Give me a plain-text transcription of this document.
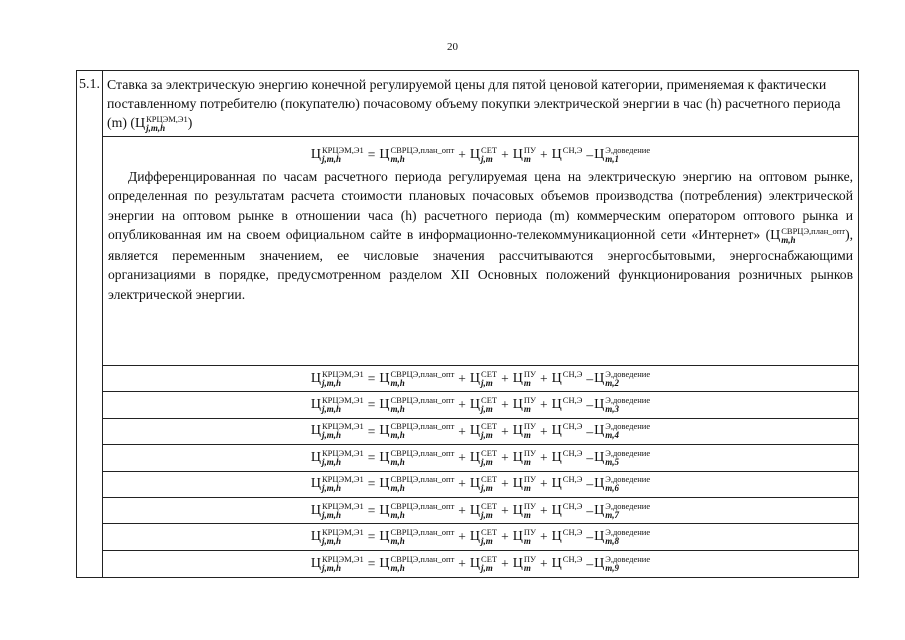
20
5.1. Ставка за электрическую энергию конечной регулируемой цены для пятой ценовой категории, применяемая к фактически поставленному потребителю (покупателю) почасовому объему покупки электрической энергии в час (h) расчетного периода (m) ( Ц КРЦЭМ,Э1
j,m,h	)
Ц КРЦЭМ,Э1
j,m,h	= Ц СВРЦЭ,план_опт
m,h	+ Ц СЕТ
j,m + Ц ПУ
m + Ц СН,Э
– Ц Э,доведение
m,1
Дифференцированная по часам расчетного периода регулируемая цена на электрическую энергию на оптовом рынке, определенная по результатам расчета стоимости плановых почасовых объемов производства (потребления) электрической энергии на оптовом рынке в отношении часа (h) расчетного периода (m) коммерческим оператором оптового рынка и опубликованная им на своем официальном сайте в информационно-телекоммуникационной сети «Интернет» ( Ц СВРЦЭ,план_опт
m,h	), является переменным значением, ее числовые значения рассчитываются энергосбытовыми, энергоснабжающими организациями в порядке, предусмотренном разделом XII Основных положений функционирования розничных рынков электрической энергии.
Ц КРЦЭМ,Э1
j,m,h	= Ц СВРЦЭ,план_опт
m,h	+ Ц СЕТ
j,m + Ц ПУ
m + Ц СН,Э
– Ц Э,доведение
m,2
Ц КРЦЭМ,Э1
j,m,h	= Ц СВРЦЭ,план_опт
m,h	+ Ц СЕТ
j,m + Ц ПУ
m + Ц СН,Э
– Ц Э,доведение
m,3
Ц КРЦЭМ,Э1
j,m,h	= Ц СВРЦЭ,план_опт
m,h	+ Ц СЕТ
j,m + Ц ПУ
m + Ц СН,Э
– Ц Э,доведение
m,4
Ц КРЦЭМ,Э1
j,m,h	= Ц СВРЦЭ,план_опт
m,h	+ Ц СЕТ
j,m + Ц ПУ
m + Ц СН,Э
– Ц Э,доведение
m,5
Ц КРЦЭМ,Э1
j,m,h	= Ц СВРЦЭ,план_опт
m,h	+ Ц СЕТ
j,m + Ц ПУ
m + Ц СН,Э
– Ц Э,доведение
m,6
Ц КРЦЭМ,Э1
j,m,h	= Ц СВРЦЭ,план_опт
m,h	+ Ц СЕТ
j,m + Ц ПУ
m + Ц СН,Э
– Ц Э,доведение
m,7
Ц КРЦЭМ,Э1
j,m,h	= Ц СВРЦЭ,план_опт
m,h	+ Ц СЕТ
j,m + Ц ПУ
m + Ц СН,Э
– Ц Э,доведение
m,8
Ц КРЦЭМ,Э1
j,m,h	= Ц СВРЦЭ,план_опт
m,h	+ Ц СЕТ
j,m + Ц ПУ
m + Ц СН,Э
– Ц Э,доведение
m,9
